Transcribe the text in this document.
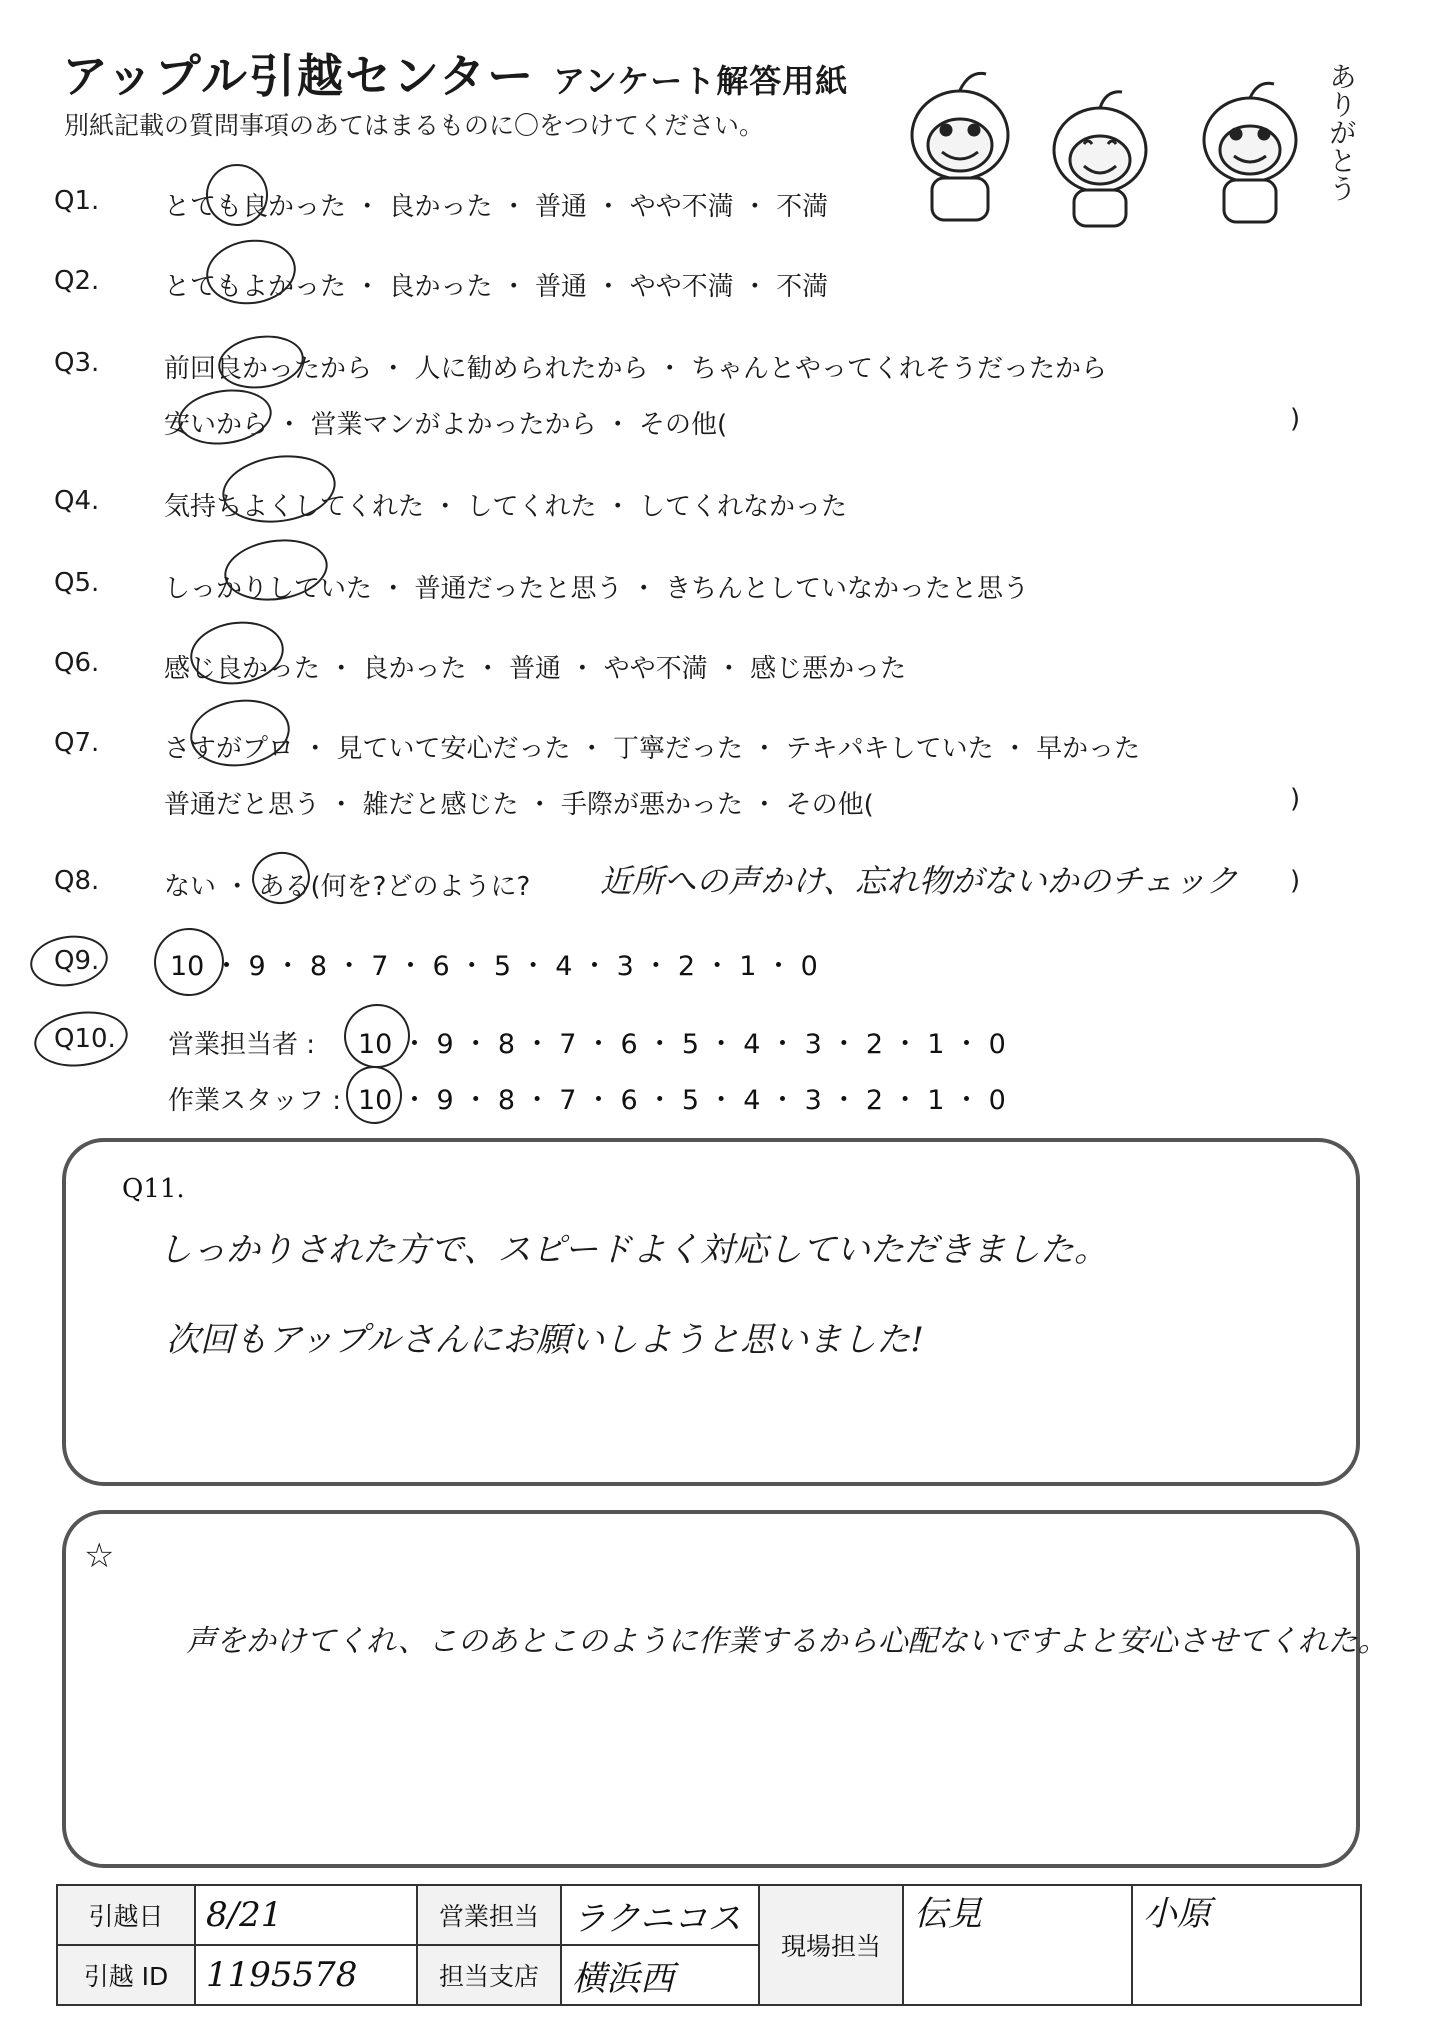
アップル引越センター アンケート解答用紙
別紙記載の質問事項のあてはまるものに〇をつけてください。	ありがとう
Q1.	とても良かった ・ 良かった ・ 普通 ・ やや不満 ・ 不満
Q2.	とてもよかった ・ 良かった ・ 普通 ・ やや不満 ・ 不満
Q3.	前回良かったから ・ 人に勧められたから ・ ちゃんとやってくれそうだったから
安いから ・ 営業マンがよかったから ・ その他(	)
Q4.	気持ちよくしてくれた ・ してくれた ・ してくれなかった
Q5.	しっかりしていた ・ 普通だったと思う ・ きちんとしていなかったと思う
Q6.	感じ良かった ・ 良かった ・ 普通 ・ やや不満 ・ 感じ悪かった
Q7.	さすがプロ ・ 見ていて安心だった ・ 丁寧だった ・ テキパキしていた ・ 早かった
普通だと思う ・ 雑だと感じた ・ 手際が悪かった ・ その他(	)
Q8.	ない ・ ある(何を?どのように?	)
近所への声かけ、忘れ物がないかのチェック
Q9.	10 ・ 9 ・ 8 ・ 7 ・ 6 ・ 5 ・ 4 ・ 3 ・ 2 ・ 1 ・ 0
Q10.	営業担当者 : 10 ・ 9 ・ 8 ・ 7 ・ 6 ・ 5 ・ 4 ・ 3 ・ 2 ・ 1 ・ 0
作業スタッフ : 10 ・ 9 ・ 8 ・ 7 ・ 6 ・ 5 ・ 4 ・ 3 ・ 2 ・ 1 ・ 0
Q11.
しっかりされた方で、スピードよく対応していただきました。
次回もアップルさんにお願いしようと思いました!
☆
声をかけてくれ、このあとこのように作業するから心配ないですよと安心させてくれた。
引越日	8/21	営業担当	ラクニコス	現場担当	伝見	小原
引越 ID	1195578	担当支店	横浜西			
